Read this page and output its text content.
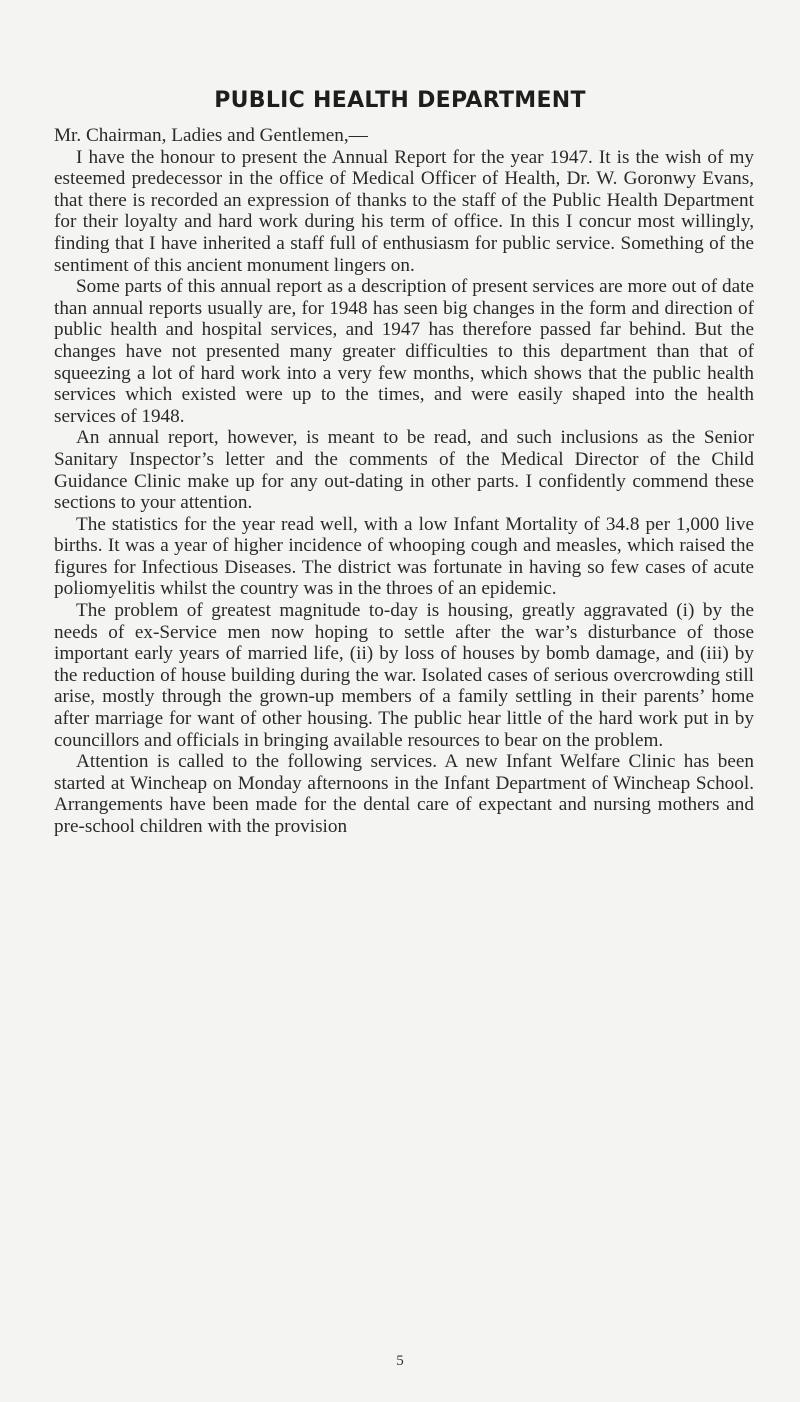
PUBLIC HEALTH DEPARTMENT

Mr. Chairman, Ladies and Gentlemen,—

I have the honour to present the Annual Report for the year 1947. It is the wish of my esteemed predecessor in the office of Medical Officer of Health, Dr. W. Goronwy Evans, that there is recorded an expression of thanks to the staff of the Public Health Department for their loyalty and hard work during his term of office. In this I concur most willingly, finding that I have inherited a staff full of enthusiasm for public service. Something of the sentiment of this ancient monument lingers on.

Some parts of this annual report as a description of present services are more out of date than annual reports usually are, for 1948 has seen big changes in the form and direction of public health and hospital services, and 1947 has therefore passed far behind. But the changes have not presented many greater difficulties to this department than that of squeezing a lot of hard work into a very few months, which shows that the public health services which existed were up to the times, and were easily shaped into the health services of 1948.

An annual report, however, is meant to be read, and such inclusions as the Senior Sanitary Inspector’s letter and the comments of the Medical Director of the Child Guidance Clinic make up for any out-dating in other parts. I confidently commend these sections to your attention.

The statistics for the year read well, with a low Infant Mortality of 34.8 per 1,000 live births. It was a year of higher incidence of whooping cough and measles, which raised the figures for Infectious Diseases. The district was fortunate in having so few cases of acute poliomyelitis whilst the country was in the throes of an epidemic.

The problem of greatest magnitude to-day is housing, greatly aggravated (i) by the needs of ex-Service men now hoping to settle after the war’s disturbance of those important early years of married life, (ii) by loss of houses by bomb damage, and (iii) by the reduction of house building during the war. Isolated cases of serious overcrowding still arise, mostly through the grown-up members of a family settling in their parents’ home after marriage for want of other housing. The public hear little of the hard work put in by councillors and officials in bringing available resources to bear on the problem.

Attention is called to the following services. A new Infant Welfare Clinic has been started at Wincheap on Monday afternoons in the Infant Department of Wincheap School. Arrangements have been made for the dental care of expectant and nursing mothers and pre-school children with the provision

5
